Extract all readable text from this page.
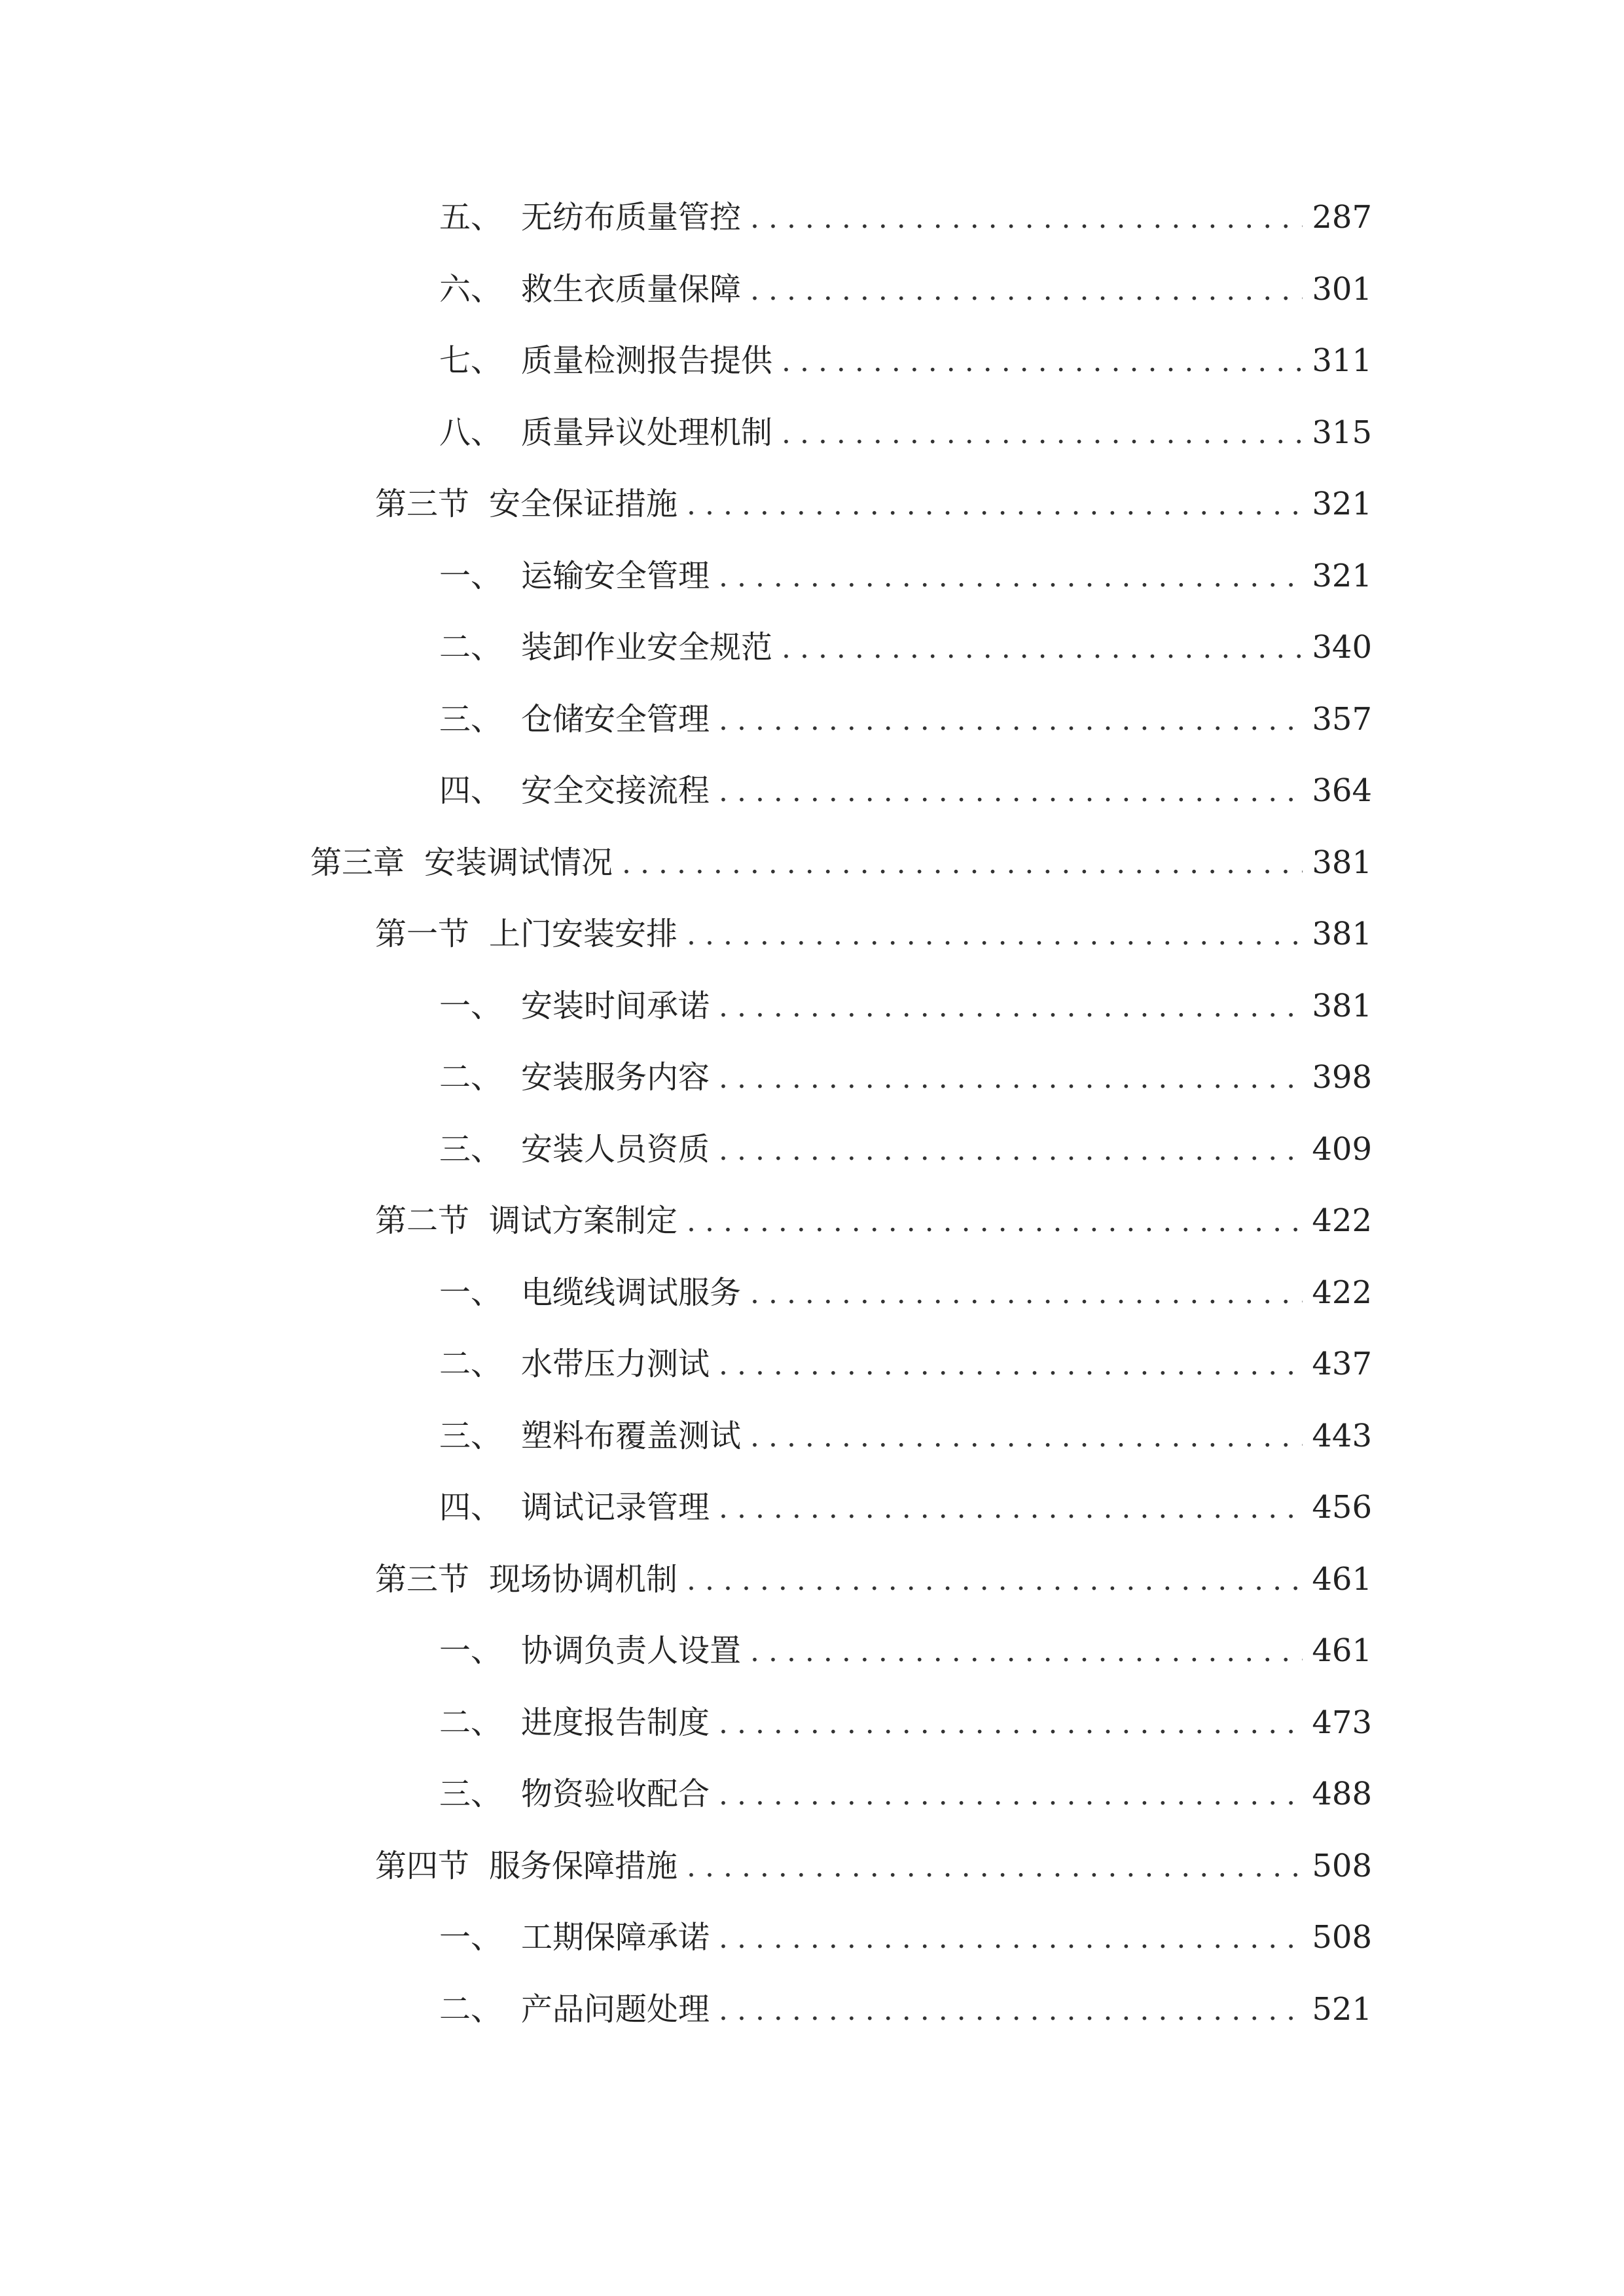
五、 无纺布质量管控 . . .	287
六、 救生衣质量保障 . . .	301
七、 质量检测报告提供 . . .	311
八、 质量异议处理机制 . . .	315
第三节 安全保证措施 . . .	321
一、 运输安全管理 . . .	321
二、 装卸作业安全规范 . . .	340
三、 仓储安全管理 . . .	357
四、 安全交接流程 . . .	364
第三章 安装调试情况 . . .	381
第一节 上门安装安排 . . .	381
一、 安装时间承诺 . . .	381
二、 安装服务内容 . . .	398
三、 安装人员资质 . . .	409
第二节 调试方案制定 . . .	422
一、 电缆线调试服务 . . .	422
二、 水带压力测试 . . .	437
三、 塑料布覆盖测试 . . .	443
四、 调试记录管理 . . .	456
第三节 现场协调机制 . . .	461
一、 协调负责人设置 . . .	461
二、 进度报告制度 . . .	473
三、 物资验收配合 . . .	488
第四节 服务保障措施 . . .	508
一、 工期保障承诺 . . .	508
二、 产品问题处理 . . .	521
